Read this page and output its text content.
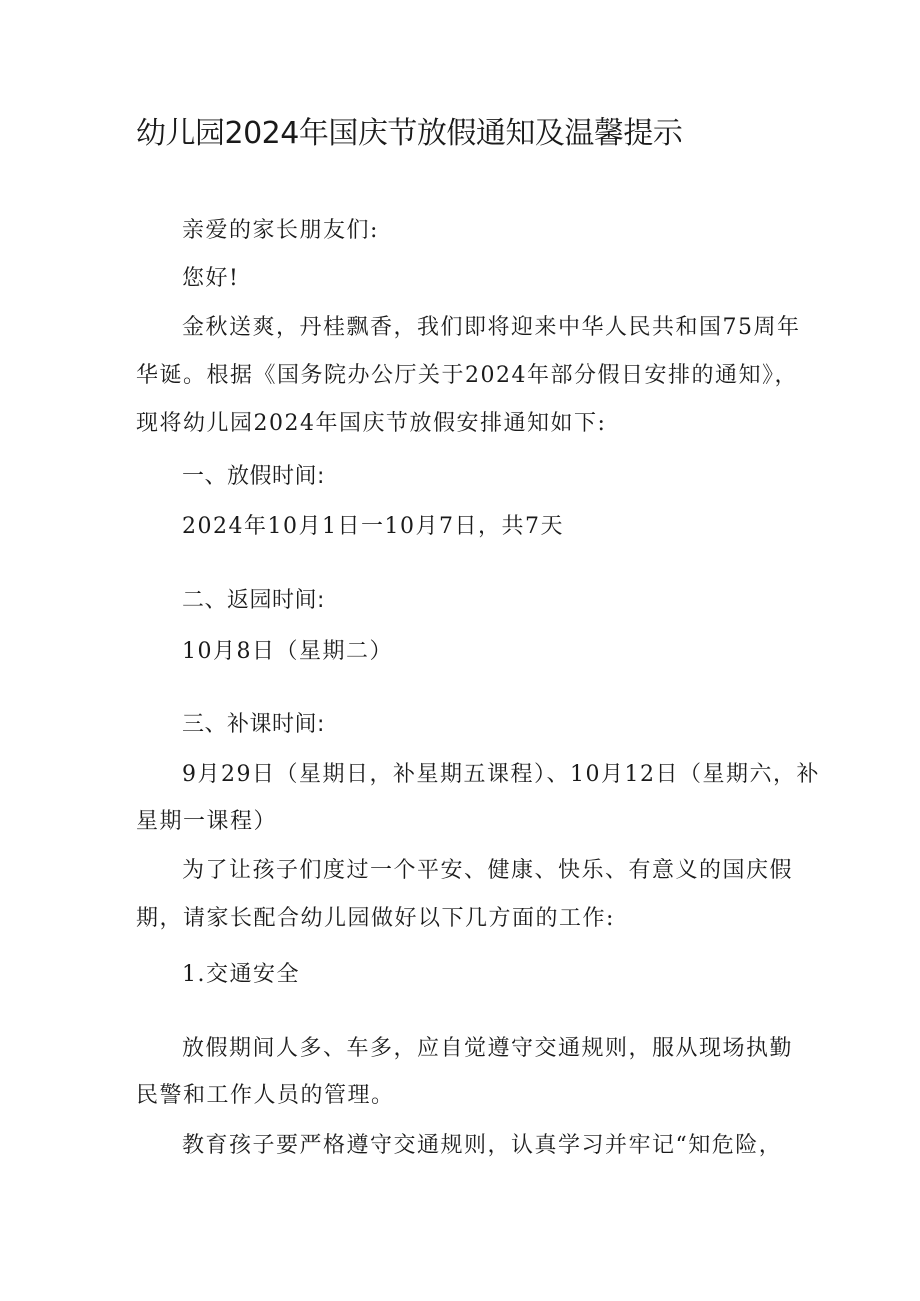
幼儿园2024年国庆节放假通知及温馨提示
亲爱的家长朋友们:
您好!
金秋送爽，丹桂飘香，我们即将迎来中华人民共和国75周年
华诞。根据《国务院办公厅关于2024年部分假日安排的通知》，
现将幼儿园2024年国庆节放假安排通知如下:
一、放假时间:
2024年10月1日一10月7日，共7天
二、返园时间:
10月8日（星期二）
三、补课时间:
9月29日（星期日，补星期五课程）、10月12日（星期六，补
星期一课程）
为了让孩子们度过一个平安、健康、快乐、有意义的国庆假
期，请家长配合幼儿园做好以下几方面的工作:
1.交通安全
放假期间人多、车多，应自觉遵守交通规则，服从现场执勤
民警和工作人员的管理。
教育孩子要严格遵守交通规则，认真学习并牢记“知危险，
